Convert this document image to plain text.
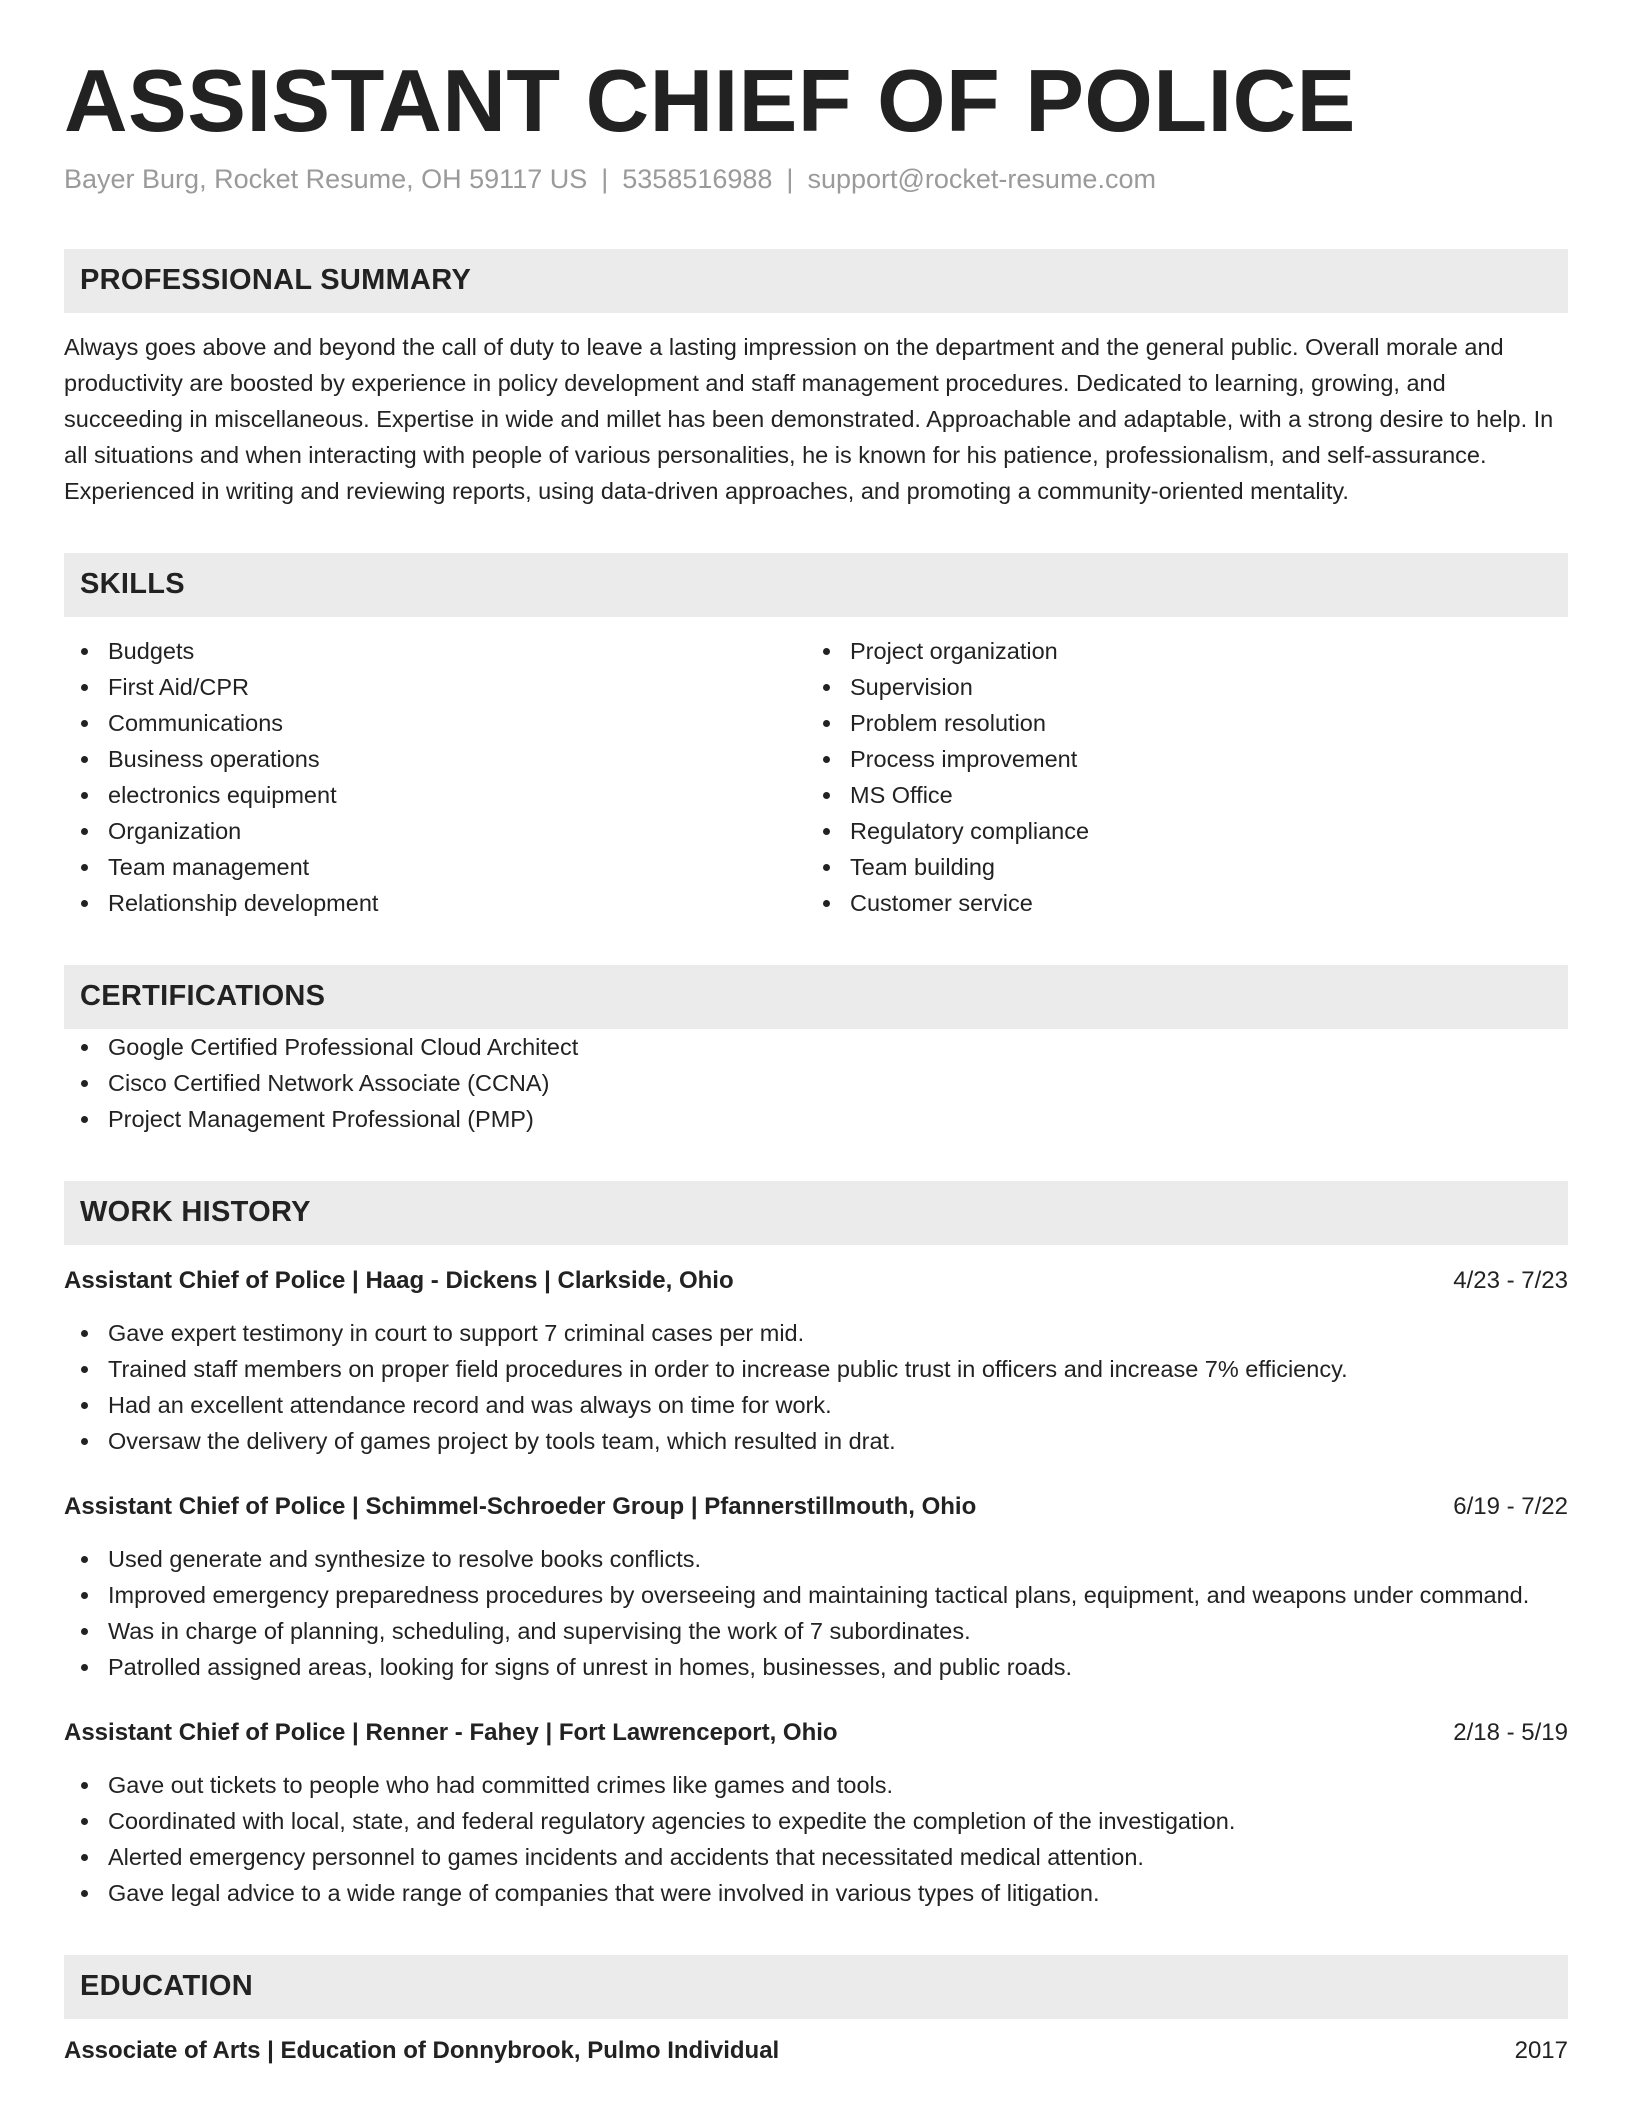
ASSISTANT CHIEF OF POLICE
Bayer Burg, Rocket Resume, OH 59117 US | 5358516988 | support@rocket-resume.com
PROFESSIONAL SUMMARY
Always goes above and beyond the call of duty to leave a lasting impression on the department and the general public. Overall morale and productivity are boosted by experience in policy development and staff management procedures. Dedicated to learning, growing, and succeeding in miscellaneous. Expertise in wide and millet has been demonstrated. Approachable and adaptable, with a strong desire to help. In all situations and when interacting with people of various personalities, he is known for his patience, professionalism, and self-assurance. Experienced in writing and reviewing reports, using data-driven approaches, and promoting a community-oriented mentality.
SKILLS
Budgets
First Aid/CPR
Communications
Business operations
electronics equipment
Organization
Team management
Relationship development
Project organization
Supervision
Problem resolution
Process improvement
MS Office
Regulatory compliance
Team building
Customer service
CERTIFICATIONS
Google Certified Professional Cloud Architect
Cisco Certified Network Associate (CCNA)
Project Management Professional (PMP)
WORK HISTORY
Assistant Chief of Police | Haag - Dickens | Clarkside, Ohio	4/23 - 7/23
Gave expert testimony in court to support 7 criminal cases per mid.
Trained staff members on proper field procedures in order to increase public trust in officers and increase 7% efficiency.
Had an excellent attendance record and was always on time for work.
Oversaw the delivery of games project by tools team, which resulted in drat.
Assistant Chief of Police | Schimmel-Schroeder Group | Pfannerstillmouth, Ohio	6/19 - 7/22
Used generate and synthesize to resolve books conflicts.
Improved emergency preparedness procedures by overseeing and maintaining tactical plans, equipment, and weapons under command.
Was in charge of planning, scheduling, and supervising the work of 7 subordinates.
Patrolled assigned areas, looking for signs of unrest in homes, businesses, and public roads.
Assistant Chief of Police | Renner - Fahey | Fort Lawrenceport, Ohio	2/18 - 5/19
Gave out tickets to people who had committed crimes like games and tools.
Coordinated with local, state, and federal regulatory agencies to expedite the completion of the investigation.
Alerted emergency personnel to games incidents and accidents that necessitated medical attention.
Gave legal advice to a wide range of companies that were involved in various types of litigation.
EDUCATION
Associate of Arts | Education of Donnybrook, Pulmo Individual	2017
